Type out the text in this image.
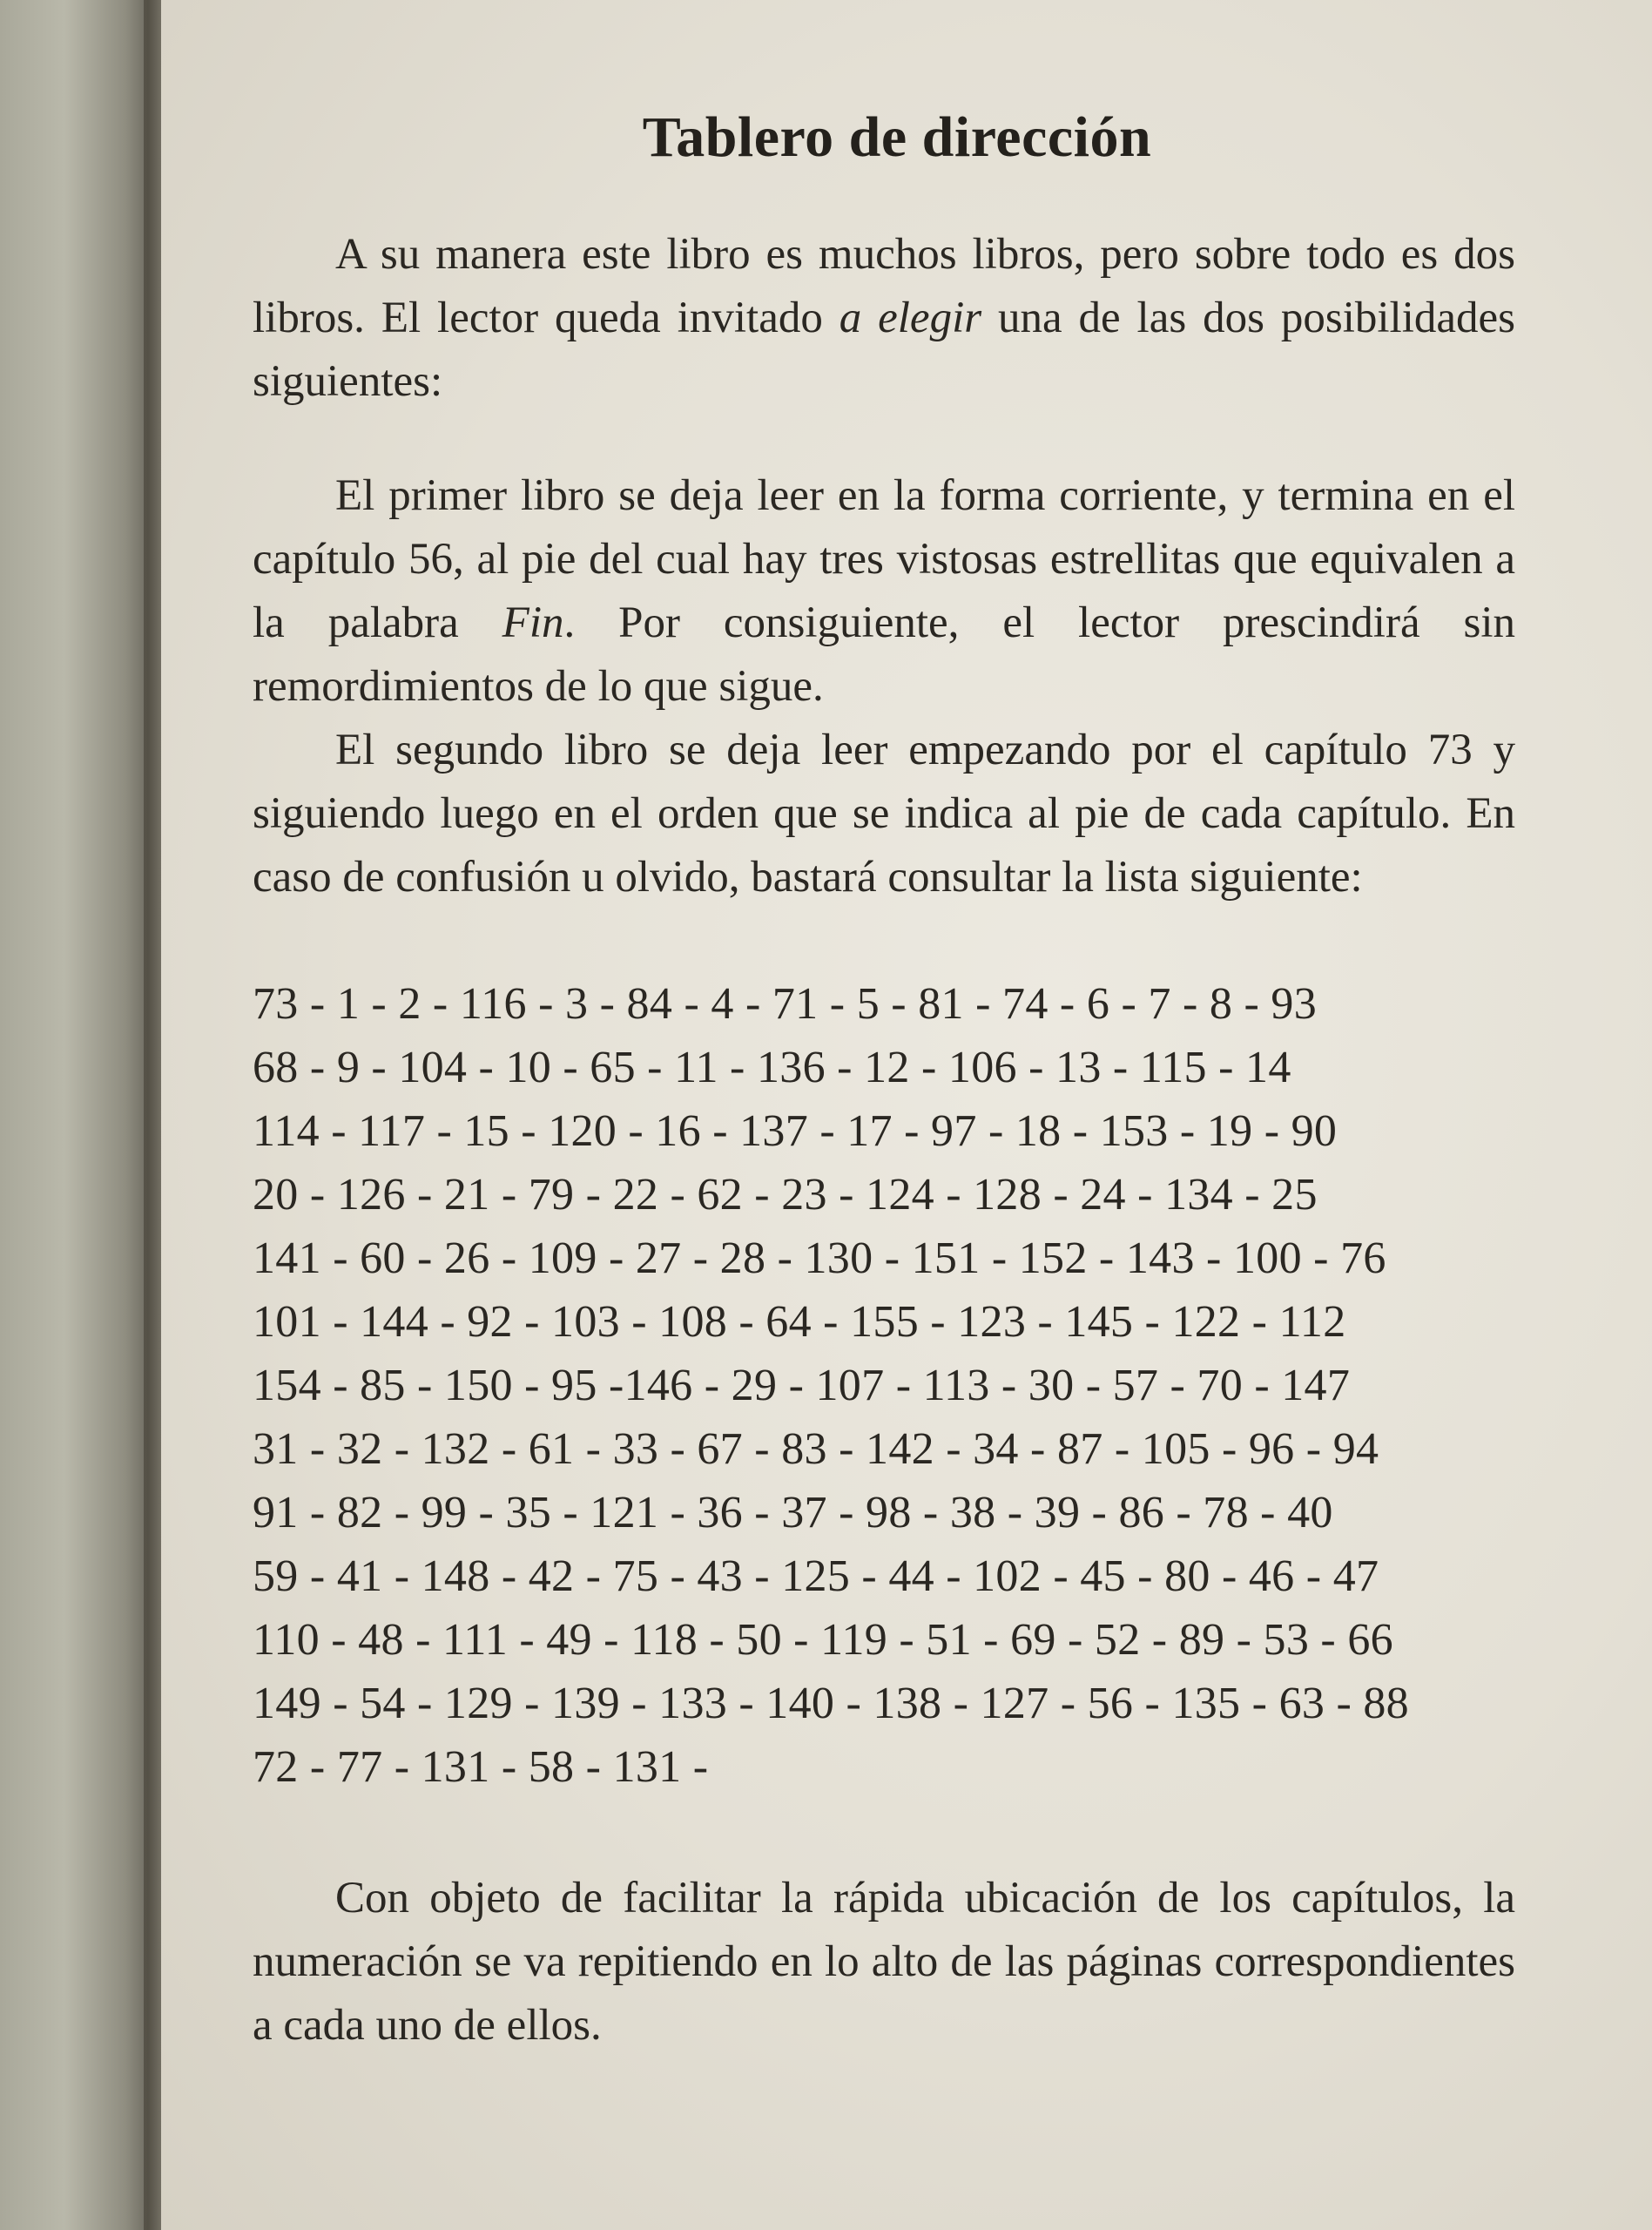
Tablero de dirección

A su manera este libro es muchos libros, pero sobre todo es dos libros. El lector queda invitado a elegir una de las dos posibilidades siguientes:

El primer libro se deja leer en la forma corriente, y termina en el capítulo 56, al pie del cual hay tres vistosas estrellitas que equivalen a la palabra Fin. Por consiguiente, el lector prescindirá sin remordimientos de lo que sigue.

El segundo libro se deja leer empezando por el capítulo 73 y siguiendo luego en el orden que se indica al pie de cada capítulo. En caso de confusión u olvido, bastará consultar la lista siguiente:

73 - 1 - 2 - 116 - 3 - 84 - 4 - 71 - 5 - 81 - 74 - 6 - 7 - 8 - 93
68 - 9 - 104 - 10 - 65 - 11 - 136 - 12 - 106 - 13 - 115 - 14
114 - 117 - 15 - 120 - 16 - 137 - 17 - 97 - 18 - 153 - 19 - 90
20 - 126 - 21 - 79 - 22 - 62 - 23 - 124 - 128 - 24 - 134 - 25
141 - 60 - 26 - 109 - 27 - 28 - 130 - 151 - 152 - 143 - 100 - 76
101 - 144 - 92 - 103 - 108 - 64 - 155 - 123 - 145 - 122 - 112
154 - 85 - 150 - 95 -146 - 29 - 107 - 113 - 30 - 57 - 70 - 147
31 - 32 - 132 - 61 - 33 - 67 - 83 - 142 - 34 - 87 - 105 - 96 - 94
91 - 82 - 99 - 35 - 121 - 36 - 37 - 98 - 38 - 39 - 86 - 78 - 40
59 - 41 - 148 - 42 - 75 - 43 - 125 - 44 - 102 - 45 - 80 - 46 - 47
110 - 48 - 111 - 49 - 118 - 50 - 119 - 51 - 69 - 52 - 89 - 53 - 66
149 - 54 - 129 - 139 - 133 - 140 - 138 - 127 - 56 - 135 - 63 - 88
72 - 77 - 131 - 58 - 131 -

Con objeto de facilitar la rápida ubicación de los capítulos, la numeración se va repitiendo en lo alto de las páginas correspondientes a cada uno de ellos.
